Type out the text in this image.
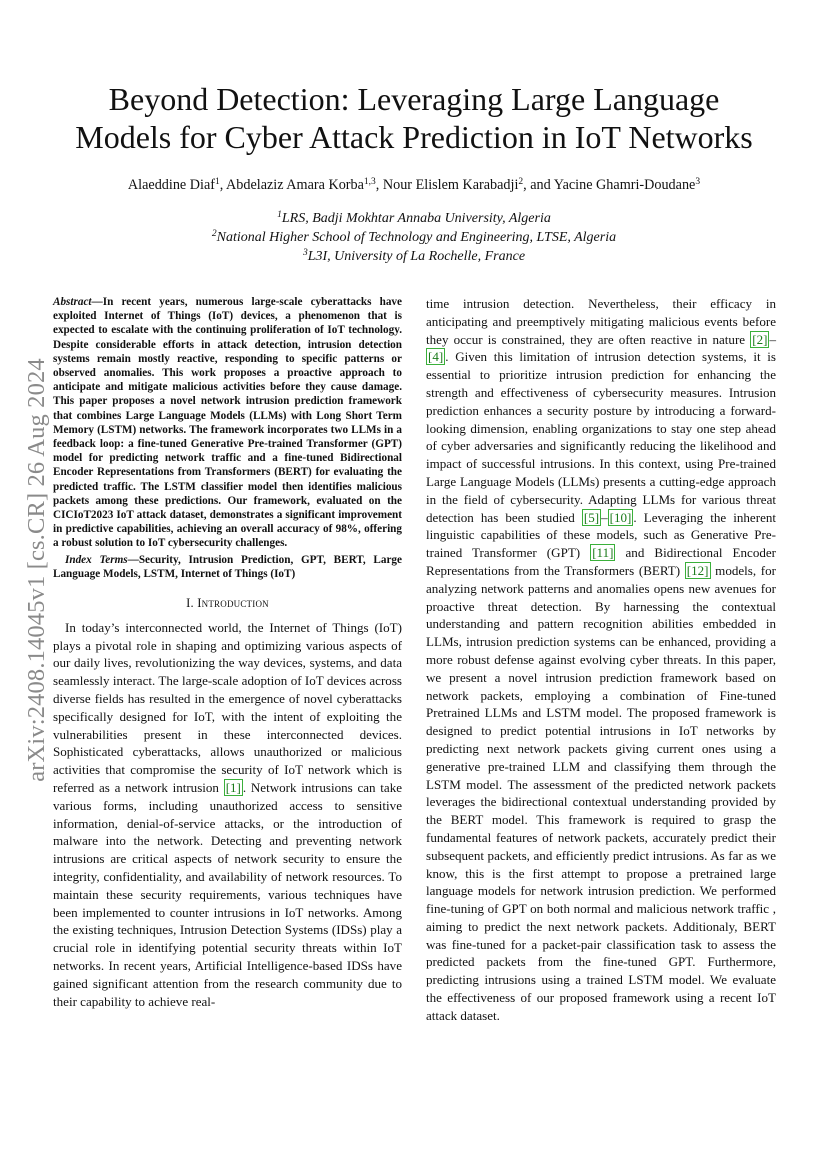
arXiv:2408.14045v1 [cs.CR] 26 Aug 2024
Beyond Detection: Leveraging Large Language
Models for Cyber Attack Prediction in IoT Networks
Alaeddine Diaf$^1$, Abdelaziz Amara Korba$^{1,3}$, Nour Elislem Karabadji$^2$, and Yacine Ghamri-Doudane$^3$
$^1$LRS, Badji Mokhtar Annaba University, Algeria
$^2$National Higher School of Technology and Engineering, LTSE, Algeria
$^3$L3I, University of La Rochelle, France

Abstract—In recent years, numerous large-scale cyberattacks have exploited Internet of Things (IoT) devices, a phenomenon that is expected to escalate with the continuing proliferation of IoT technology. Despite considerable efforts in attack detection, intrusion detection systems remain mostly reactive, responding to specific patterns or observed anomalies. This work proposes a proactive approach to anticipate and mitigate malicious activities before they cause damage. This paper proposes a novel network intrusion prediction framework that combines Large Language Models (LLMs) with Long Short Term Memory (LSTM) networks. The framework incorporates two LLMs in a feedback loop: a fine-tuned Generative Pre-trained Transformer (GPT) model for predicting network traffic and a fine-tuned Bidirectional Encoder Representations from Transformers (BERT) for evaluating the predicted traffic. The LSTM classifier model then identifies malicious packets among these predictions. Our framework, evaluated on the CICIoT2023 IoT attack dataset, demonstrates a significant improvement in predictive capabilities, achieving an overall accuracy of 98%, offering a robust solution to IoT cybersecurity challenges.

Index Terms—Security, Intrusion Prediction, GPT, BERT, Large Language Models, LSTM, Internet of Things (IoT)

I. Introduction

In today’s interconnected world, the Internet of Things (IoT) plays a pivotal role in shaping and optimizing various aspects of our daily lives, revolutionizing the way devices, systems, and data seamlessly interact. The large-scale adoption of IoT devices across diverse fields has resulted in the emergence of novel cyberattacks specifically designed for IoT, with the intent of exploiting the vulnerabilities present in these interconnected devices. Sophisticated cyberattacks, allows unauthorized or malicious activities that compromise the security of IoT network which is referred as a network intrusion [1] . Network intrusions can take various forms, including unauthorized access to sensitive information, denial-of-service attacks, or the introduction of malware into the network. Detecting and preventing network intrusions are critical aspects of network security to ensure the integrity, confidentiality, and availability of network resources. To maintain these security requirements, various techniques have been implemented to counter intrusions in IoT networks. Among the existing techniques, Intrusion Detection Systems (IDSs) play a crucial role in identifying potential security threats within IoT networks. In recent years, Artificial Intelligence-based IDSs have gained significant attention from the research community due to their capability to achieve real-

time intrusion detection. Nevertheless, their efficacy in anticipating and preemptively mitigating malicious events before they occur is constrained, they are often reactive in nature [2] –[4] . Given this limitation of intrusion detection systems, it is essential to prioritize intrusion prediction for enhancing the strength and effectiveness of cybersecurity measures. Intrusion prediction enhances a security posture by introducing a forward-looking dimension, enabling organizations to stay one step ahead of cyber adversaries and significantly reducing the likelihood and impact of successful intrusions. In this context, using Pre-trained Large Language Models (LLMs) presents a cutting-edge approach in the field of cybersecurity. Adapting LLMs for various threat detection has been studied [5] – [10] . Leveraging the inherent linguistic capabilities of these models, such as Generative Pre-trained Transformer (GPT) [11] and Bidirectional Encoder Representations from the Transformers (BERT) [12] models, for analyzing network patterns and anomalies opens new avenues for proactive threat detection. By harnessing the contextual understanding and pattern recognition abilities embedded in LLMs, intrusion prediction systems can be enhanced, providing a more robust defense against evolving cyber threats. In this paper, we present a novel intrusion prediction framework based on network packets, employing a combination of Fine-tuned Pretrained LLMs and LSTM model. The proposed framework is designed to predict potential intrusions in IoT networks by predicting next network packets giving current ones using a generative pre-trained LLM and classifying them through the LSTM model. The assessment of the predicted network packets leverages the bidirectional contextual understanding provided by the BERT model. This framework is required to grasp the fundamental features of network packets, accurately predict their subsequent packets, and efficiently predict intrusions. As far as we know, this is the first attempt to propose a pretrained large language models for network intrusion prediction. We performed fine-tuning of GPT on both normal and malicious network traffic , aiming to predict the next network packets. Additionaly, BERT was fine-tuned for a packet-pair classification task to assess the predicted packets from the fine-tuned GPT. Furthermore, predicting intrusions using a trained LSTM model. We evaluate the effectiveness of our proposed framework using a recent IoT attack dataset.
